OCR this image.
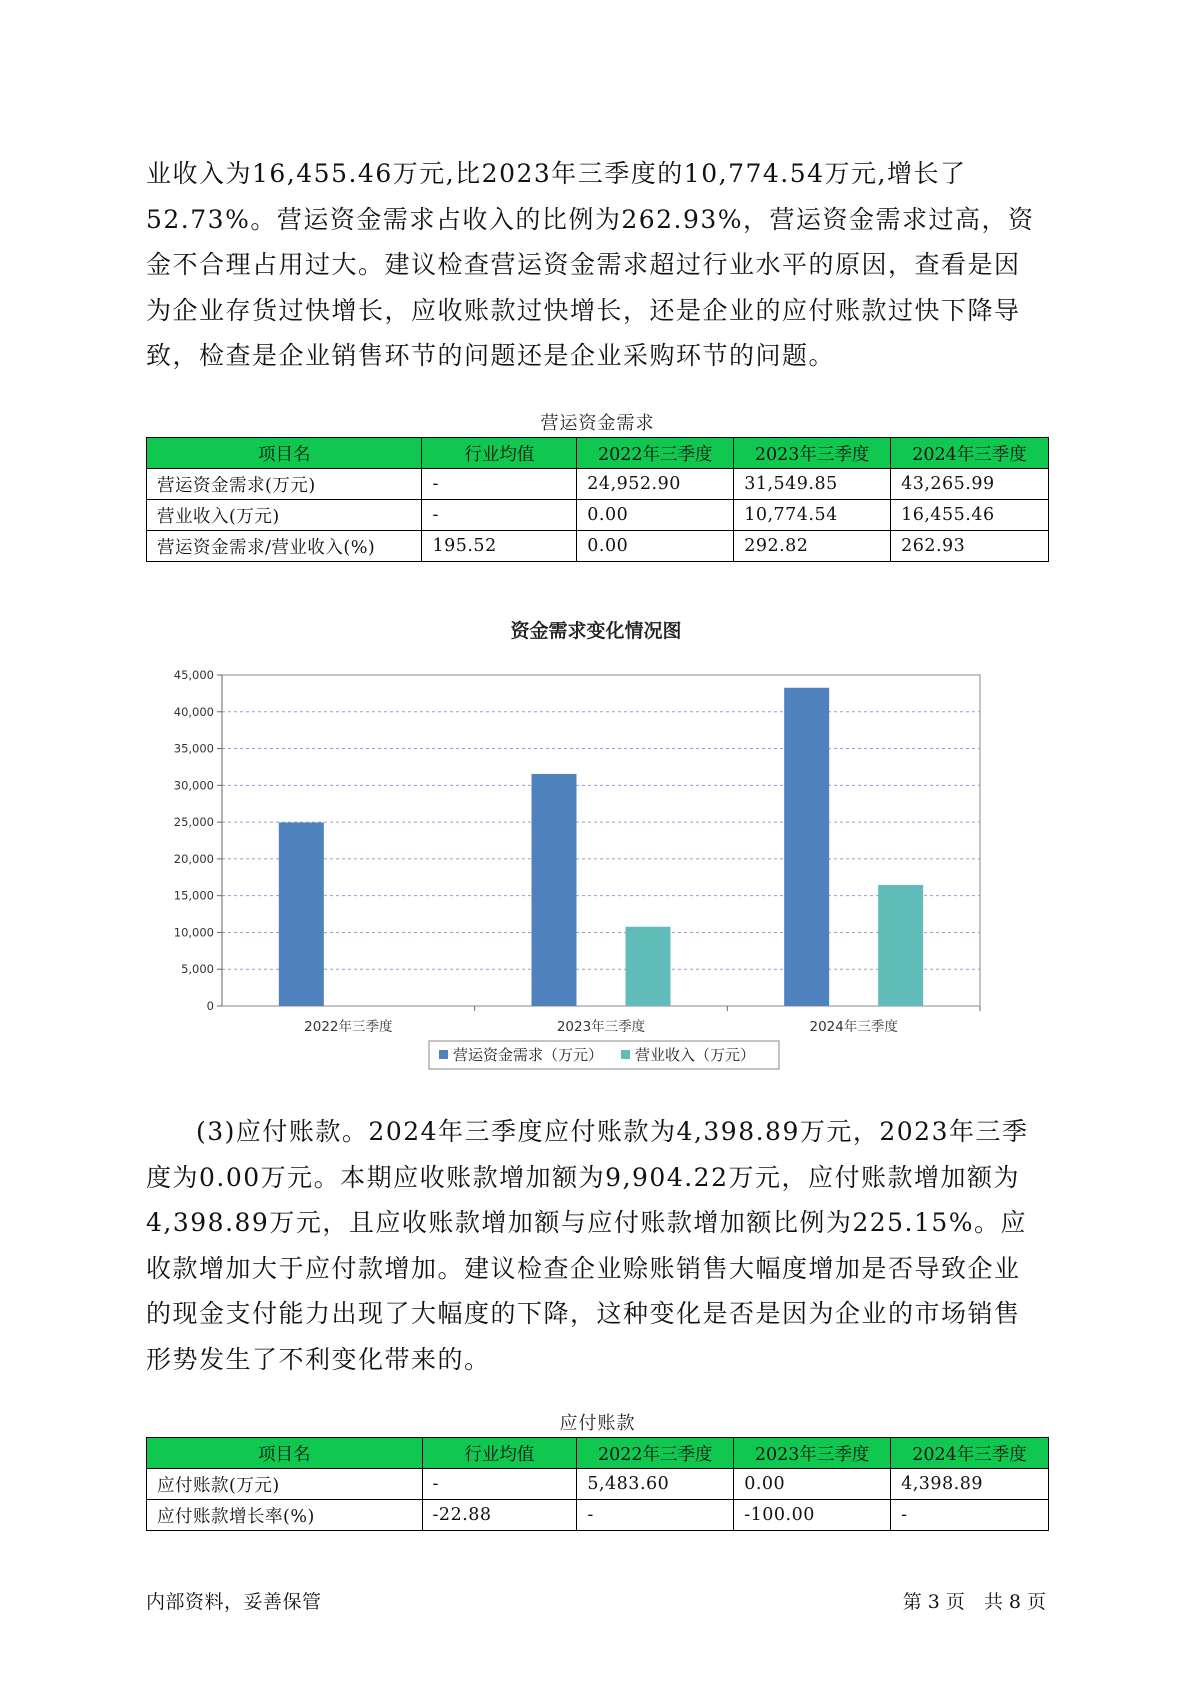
业收入为16,455.46万元,比2023年三季度的10,774.54万元,增长了52.73%。营运资金需求占收入的比例为262.93%，营运资金需求过高，资金不合理占用过大。建议检查营运资金需求超过行业水平的原因，查看是因为企业存货过快增长，应收账款过快增长，还是企业的应付账款过快下降导致，检查是企业销售环节的问题还是企业采购环节的问题。

营运资金需求
项目名	行业均值	2022年三季度	2023年三季度	2024年三季度
营运资金需求(万元)	-	24,952.90	31,549.85	43,265.99
营业收入(万元)	-	0.00	10,774.54	16,455.46
营运资金需求/营业收入(%)	195.52	0.00	292.82	262.93
资金需求变化情况图
0
5,000
10,000
15,000
20,000
25,000
30,000
35,000
40,000
45,000
2022年三季度	2023年三季度	2024年三季度
营运资金需求（万元） 营业收入（万元）

(3)应付账款。2024年三季度应付账款为4,398.89万元，2023年三季度为0.00万元。本期应收账款增加额为9,904.22万元，应付账款增加额为4,398.89万元，且应收账款增加额与应付账款增加额比例为225.15%。应收款增加大于应付款增加。建议检查企业赊账销售大幅度增加是否导致企业的现金支付能力出现了大幅度的下降，这种变化是否是因为企业的市场销售形势发生了不利变化带来的。

应付账款
项目名	行业均值	2022年三季度	2023年三季度	2024年三季度
应付账款(万元)	-	5,483.60	0.00	4,398.89
应付账款增长率(%)	-22.88	-	-100.00	-
内部资料，妥善保管	第 3 页　共 8 页
